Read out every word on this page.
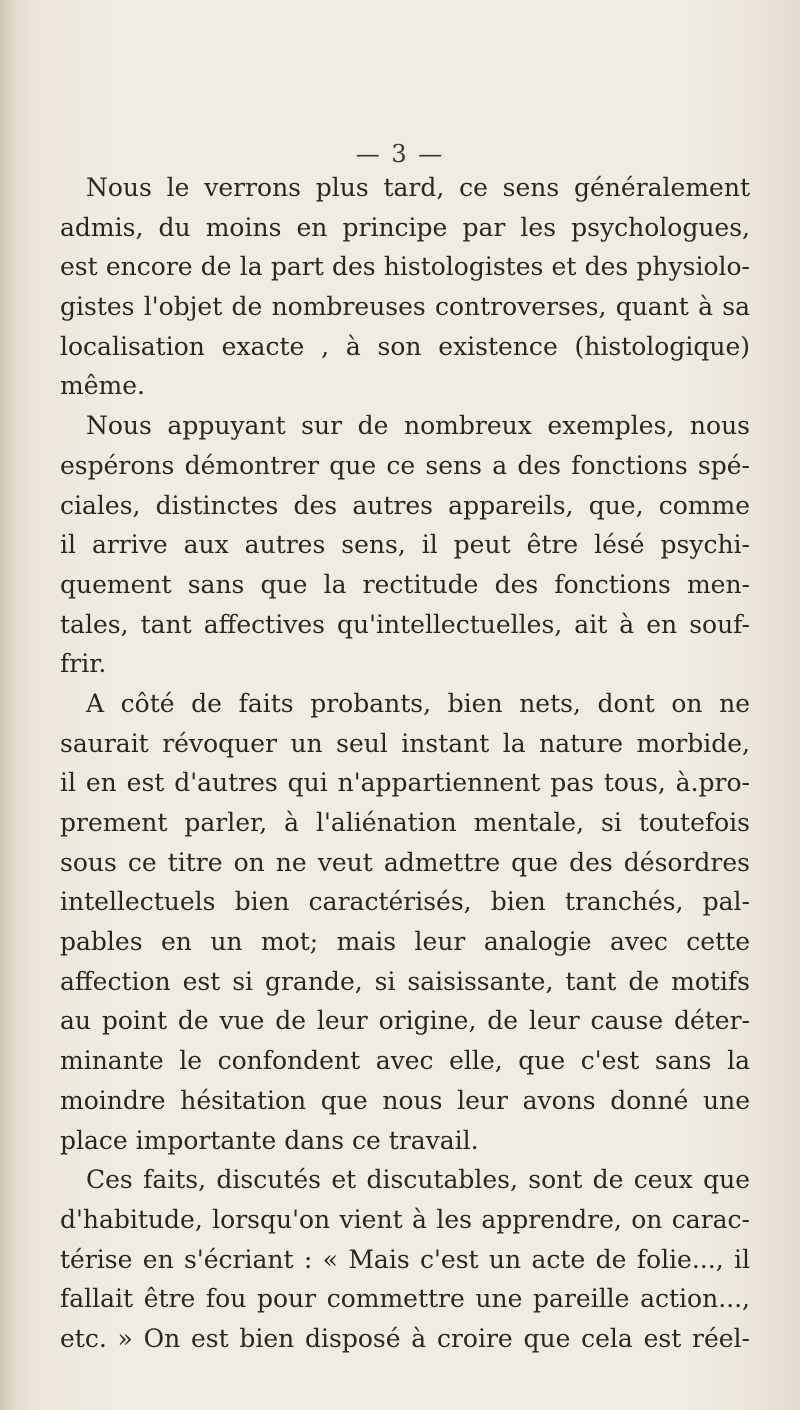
— 3 —
Nous le verrons plus tard, ce sens généralement
admis, du moins en principe par les psychologues,
est encore de la part des histologistes et des physiolo-
gistes l'objet de nombreuses controverses, quant à sa
localisation exacte , à son existence (histologique)
même.
Nous appuyant sur de nombreux exemples, nous
espérons démontrer que ce sens a des fonctions spé-
ciales, distinctes des autres appareils, que, comme
il arrive aux autres sens, il peut être lésé psychi-
quement sans que la rectitude des fonctions men-
tales, tant affectives qu'intellectuelles, ait à en souf-
frir.
A côté de faits probants, bien nets, dont on ne
saurait révoquer un seul instant la nature morbide,
il en est d'autres qui n'appartiennent pas tous, à.pro-
prement parler, à l'aliénation mentale, si toutefois
sous ce titre on ne veut admettre que des désordres
intellectuels bien caractérisés, bien tranchés, pal-
pables en un mot; mais leur analogie avec cette
affection est si grande, si saisissante, tant de motifs
au point de vue de leur origine, de leur cause déter-
minante le confondent avec elle, que c'est sans la
moindre hésitation que nous leur avons donné une
place importante dans ce travail.
Ces faits, discutés et discutables, sont de ceux que
d'habitude, lorsqu'on vient à les apprendre, on carac-
térise en s'écriant : « Mais c'est un acte de folie..., il
fallait être fou pour commettre une pareille action...,
etc. » On est bien disposé à croire que cela est réel-
